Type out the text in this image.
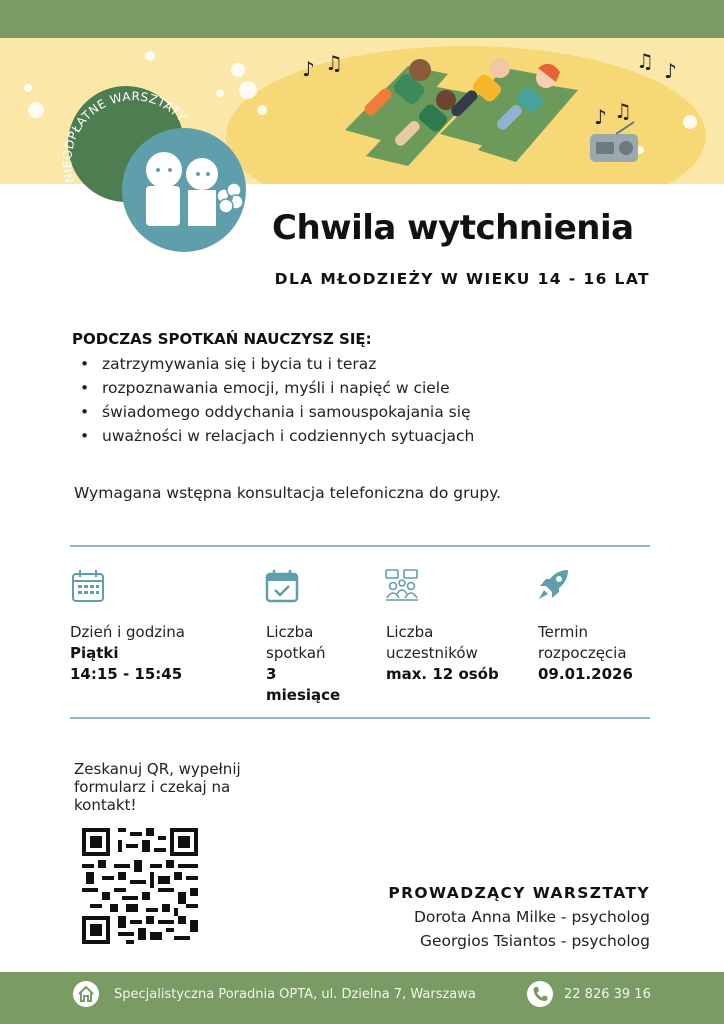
♪ ♫	♫ ♪
♪ ♫
NIEODPŁATNE WARSZTATY
Chwila wytchnienia
DLA MŁODZIEŻY W WIEKU 14 - 16 LAT
PODCZAS SPOTKAŃ NAUCZYSZ SIĘ:
• zatrzymywania się i bycia tu i teraz
• rozpoznawania emocji, myśli i napięć w ciele
• świadomego oddychania i samouspokajania się
• uważności w relacjach i codziennych sytuacjach
Wymagana wstępna konsultacja telefoniczna do grupy.
Dzień i godzina
Piątki
14:15 - 15:45
Liczba
spotkań
3
miesiące
Liczba
uczestników
max. 12 osób
Termin
rozpoczęcia
09.01.2026
Zeskanuj QR, wypełnij
formularz i czekaj na
kontakt!
PROWADZĄCY WARSZTATY
Dorota Anna Milke - psycholog
Georgios Tsiantos - psycholog
Specjalistyczna Poradnia OPTA, ul. Dzielna 7, Warszawa	22 826 39 16
